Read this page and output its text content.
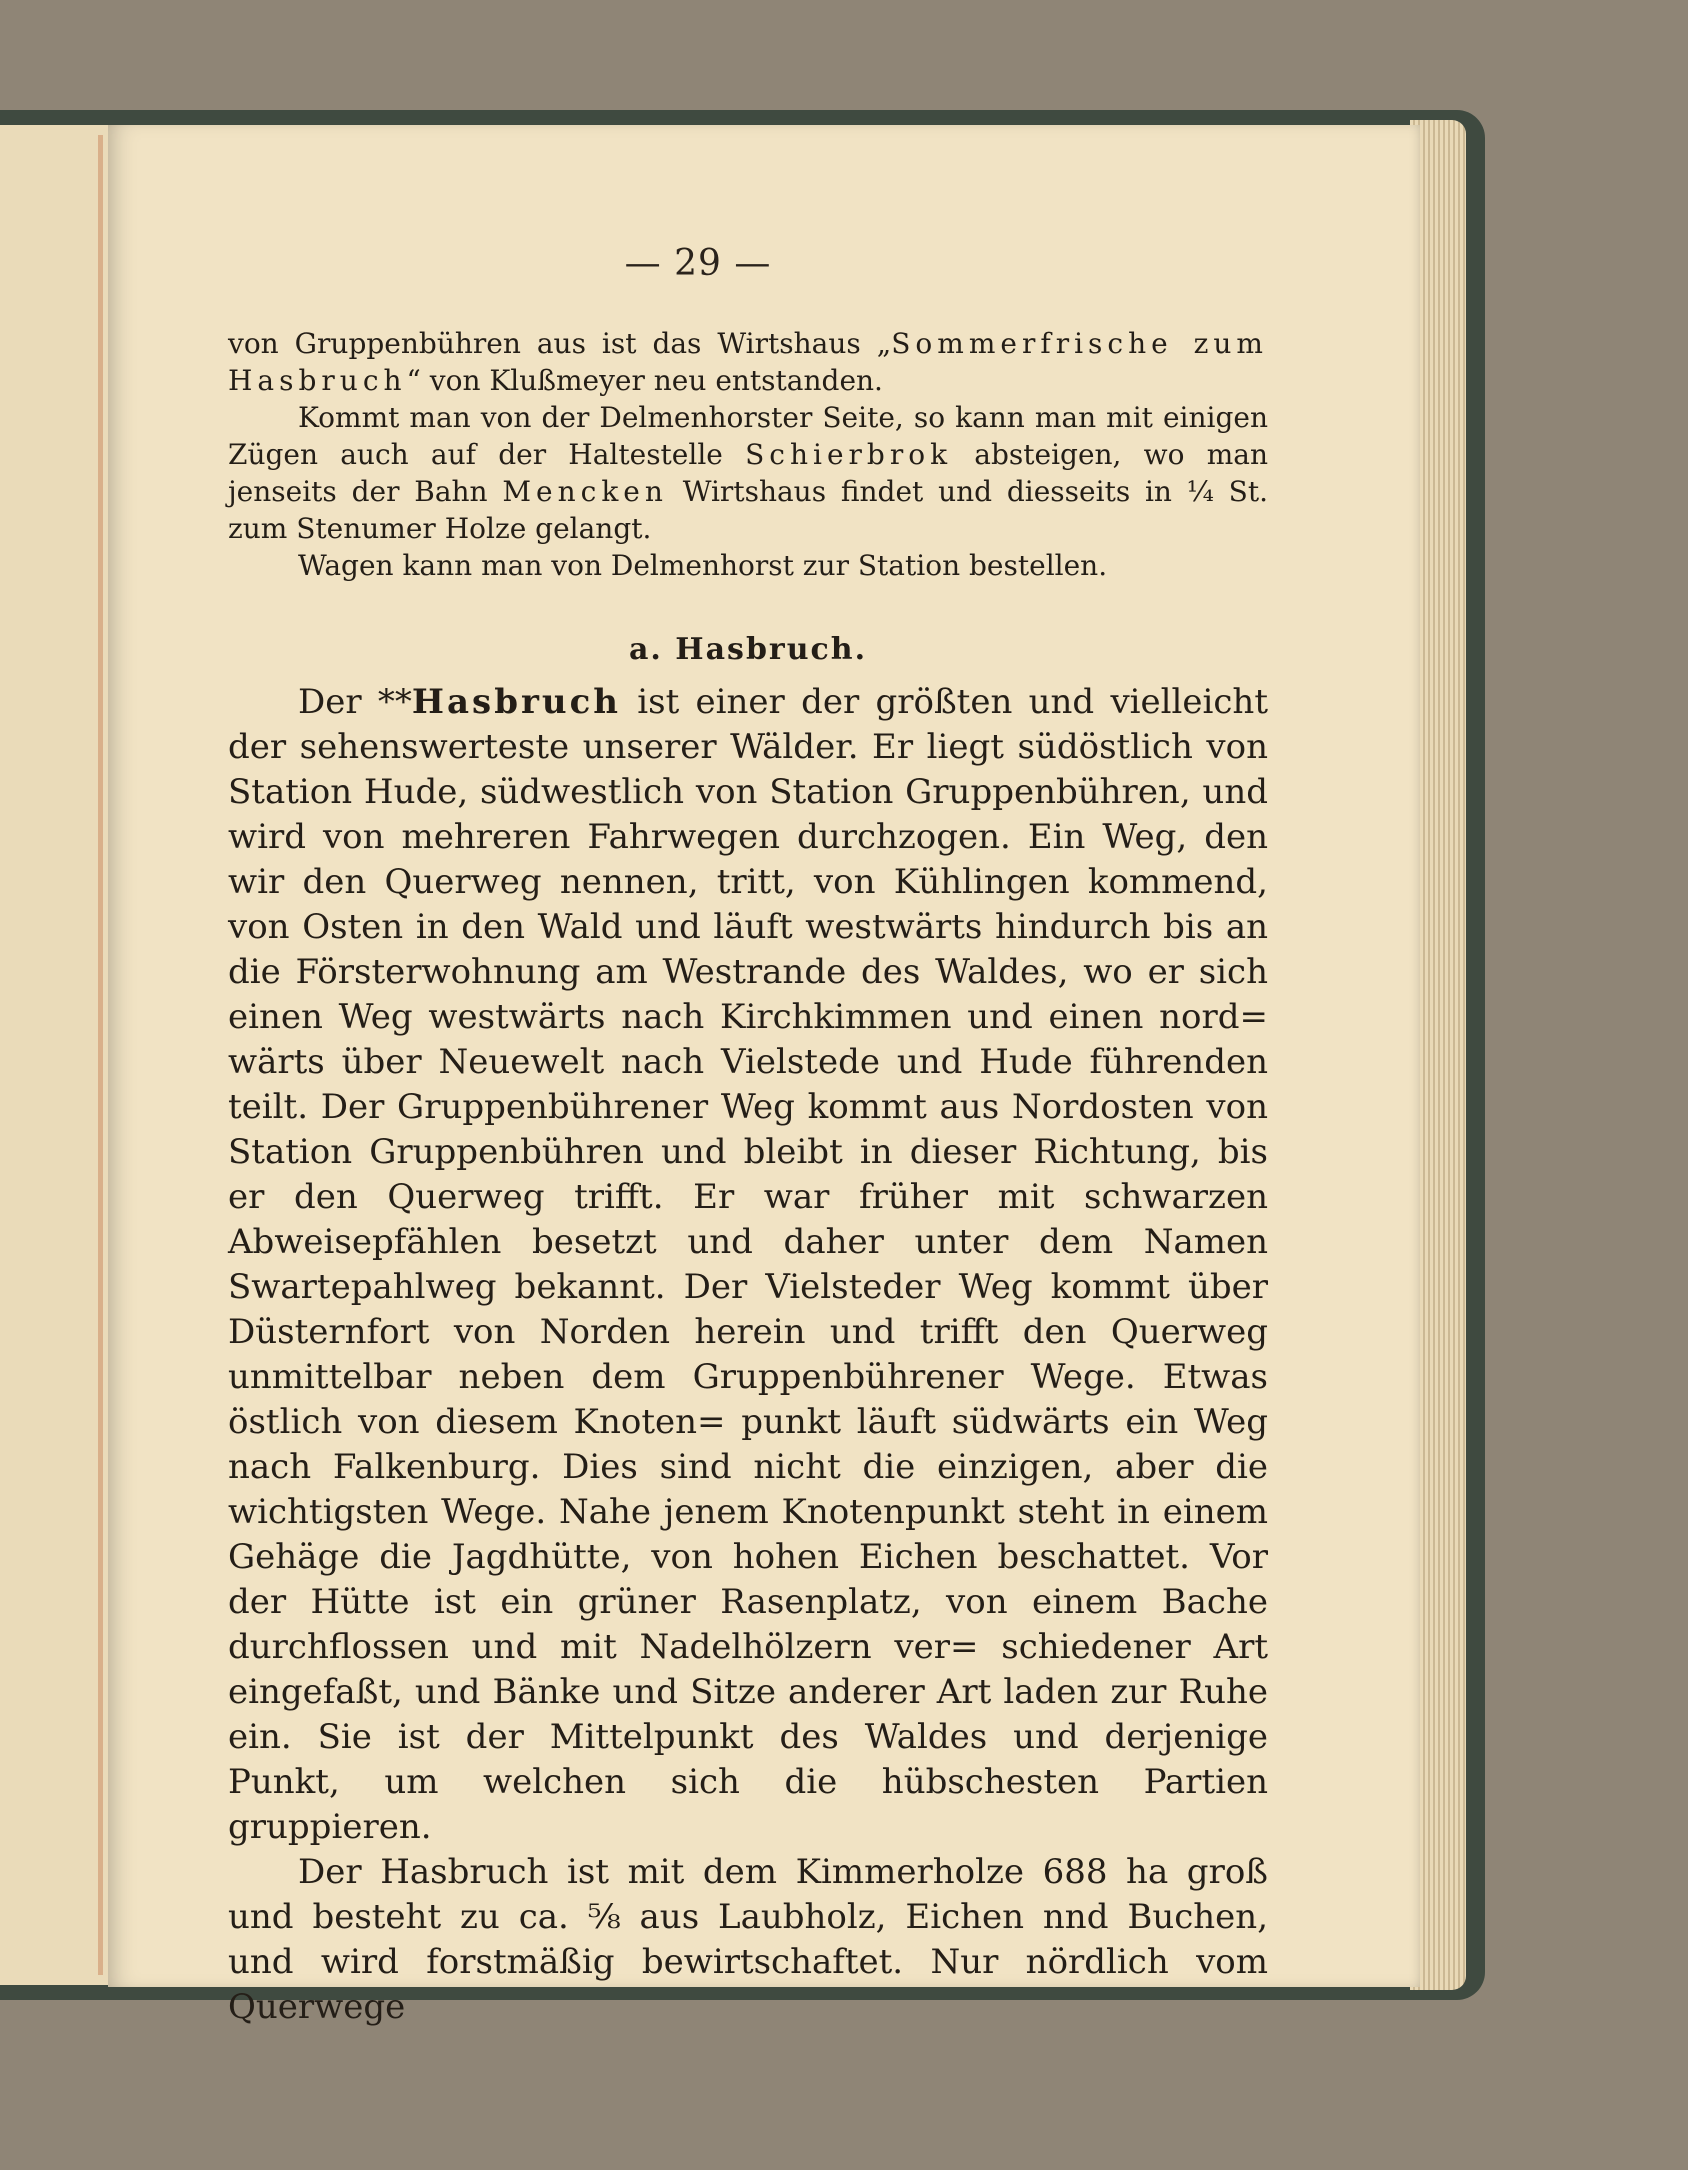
— 29 —

von Gruppenbühren aus ist das Wirtshaus „Sommerfrische zum Hasbruch“ von Klußmeyer neu entstanden.

Kommt man von der Delmenhorster Seite, so kann man mit einigen Zügen auch auf der Haltestelle Schierbrok absteigen, wo man jenseits der Bahn Mencken Wirtshaus findet und diesseits in ¼ St. zum Stenumer Holze gelangt.

Wagen kann man von Delmenhorst zur Station bestellen.

a. Hasbruch.

Der **Hasbruch ist einer der größten und vielleicht der sehenswerteste unserer Wälder. Er liegt südöstlich von Station Hude, südwestlich von Station Gruppenbühren, und wird von mehreren Fahrwegen durchzogen. Ein Weg, den wir den Querweg nennen, tritt, von Kühlingen kommend, von Osten in den Wald und läuft westwärts hindurch bis an die Försterwohnung am Westrande des Waldes, wo er sich einen Weg westwärts nach Kirchkimmen und einen nord= wärts über Neuewelt nach Vielstede und Hude führenden teilt. Der Gruppenbührener Weg kommt aus Nordosten von Station Gruppenbühren und bleibt in dieser Richtung, bis er den Querweg trifft. Er war früher mit schwarzen Abweisepfählen besetzt und daher unter dem Namen Swartepahlweg bekannt. Der Vielsteder Weg kommt über Düsternfort von Norden herein und trifft den Querweg unmittelbar neben dem Gruppenbührener Wege. Etwas östlich von diesem Knoten= punkt läuft südwärts ein Weg nach Falkenburg. Dies sind nicht die einzigen, aber die wichtigsten Wege. Nahe jenem Knotenpunkt steht in einem Gehäge die Jagdhütte, von hohen Eichen beschattet. Vor der Hütte ist ein grüner Rasenplatz, von einem Bache durchflossen und mit Nadelhölzern ver= schiedener Art eingefaßt, und Bänke und Sitze anderer Art laden zur Ruhe ein. Sie ist der Mittelpunkt des Waldes und derjenige Punkt, um welchen sich die hübschesten Partien gruppieren.

Der Hasbruch ist mit dem Kimmerholze 688 ha groß und besteht zu ca. ⅝ aus Laubholz, Eichen nnd Buchen, und wird forstmäßig bewirtschaftet. Nur nördlich vom Querwege
